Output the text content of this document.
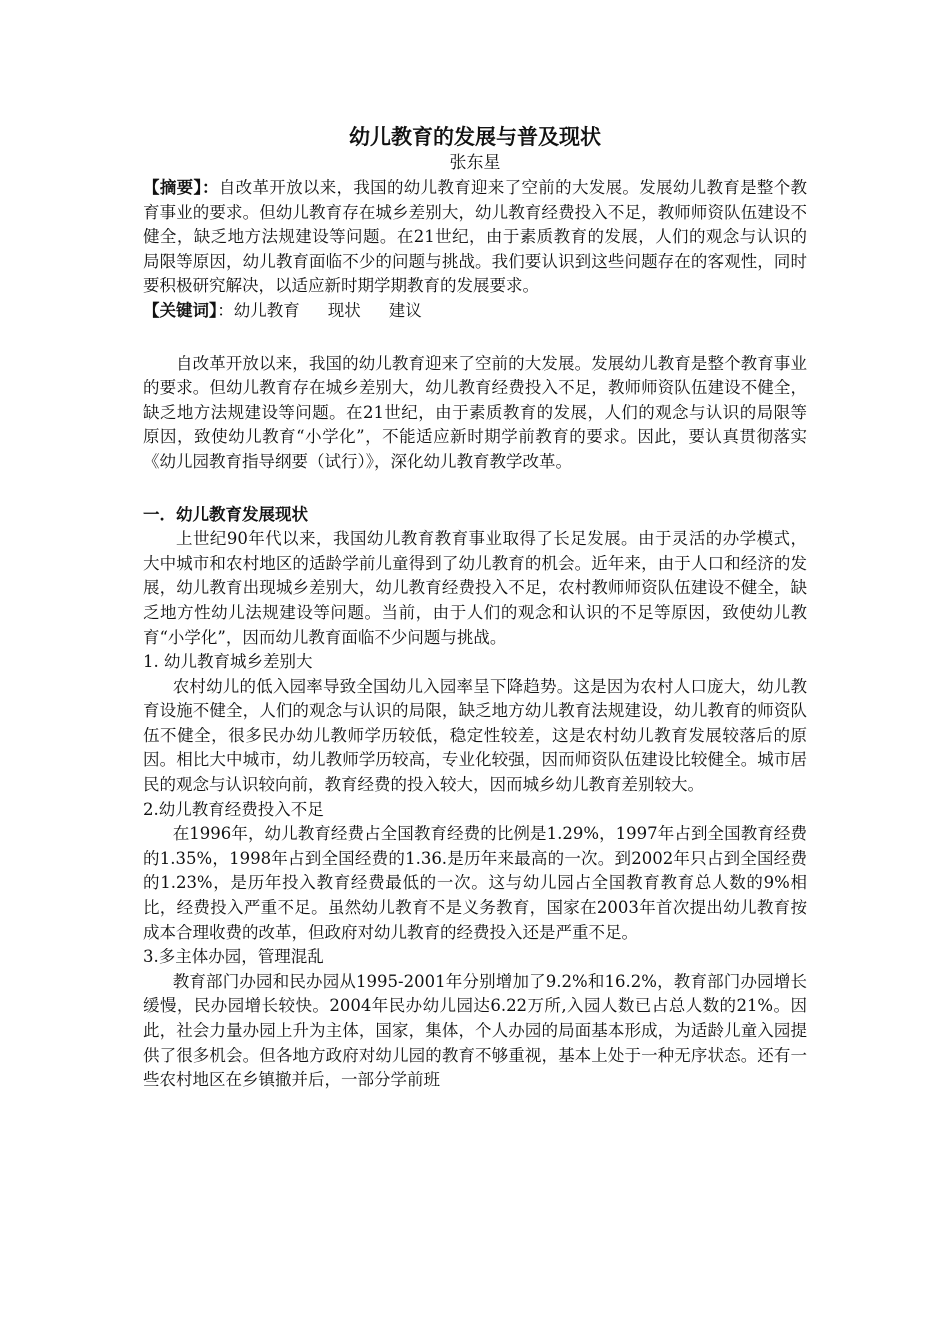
幼儿教育的发展与普及现状
张东星

【摘要】：自改革开放以来，我国的幼儿教育迎来了空前的大发展。发展幼儿教育是整个教育事业的要求。但幼儿教育存在城乡差别大，幼儿教育经费投入不足，教师师资队伍建设不健全，缺乏地方法规建设等问题。在21世纪，由于素质教育的发展，人们的观念与认识的局限等原因，幼儿教育面临不少的问题与挑战。我们要认识到这些问题存在的客观性，同时要积极研究解决，以适应新时期学期教育的发展要求。

【关键词】：幼儿教育 现状 建议

自改革开放以来，我国的幼儿教育迎来了空前的大发展。发展幼儿教育是整个教育事业的要求。但幼儿教育存在城乡差别大，幼儿教育经费投入不足，教师师资队伍建设不健全，缺乏地方法规建设等问题。在21世纪，由于素质教育的发展，人们的观念与认识的局限等原因，致使幼儿教育“小学化”，不能适应新时期学前教育的要求。因此，要认真贯彻落实《幼儿园教育指导纲要（试行）》，深化幼儿教育教学改革。

一．幼儿教育发展现状

上世纪90年代以来，我国幼儿教育教育事业取得了长足发展。由于灵活的办学模式，大中城市和农村地区的适龄学前儿童得到了幼儿教育的机会。近年来，由于人口和经济的发展，幼儿教育出现城乡差别大，幼儿教育经费投入不足，农村教师师资队伍建设不健全，缺乏地方性幼儿法规建设等问题。当前，由于人们的观念和认识的不足等原因，致使幼儿教育“小学化”，因而幼儿教育面临不少问题与挑战。

1. 幼儿教育城乡差别大

农村幼儿的低入园率导致全国幼儿入园率呈下降趋势。这是因为农村人口庞大，幼儿教育设施不健全，人们的观念与认识的局限，缺乏地方幼儿教育法规建设，幼儿教育的师资队伍不健全，很多民办幼儿教师学历较低，稳定性较差，这是农村幼儿教育发展较落后的原因。相比大中城市，幼儿教师学历较高，专业化较强，因而师资队伍建设比较健全。城市居民的观念与认识较向前，教育经费的投入较大，因而城乡幼儿教育差别较大。

2.幼儿教育经费投入不足

在1996年，幼儿教育经费占全国教育经费的比例是1.29%，1997年占到全国教育经费的1.35%，1998年占到全国经费的1.36.是历年来最高的一次。到2002年只占到全国经费的1.23%，是历年投入教育经费最低的一次。这与幼儿园占全国教育教育总人数的9%相比，经费投入严重不足。虽然幼儿教育不是义务教育，国家在2003年首次提出幼儿教育按成本合理收费的改革，但政府对幼儿教育的经费投入还是严重不足。

3.多主体办园，管理混乱

教育部门办园和民办园从1995-2001年分别增加了9.2%和16.2%，教育部门办园增长缓慢，民办园增长较快。2004年民办幼儿园达6.22万所,入园人数已占总人数的21%。因此，社会力量办园上升为主体，国家，集体，个人办园的局面基本形成，为适龄儿童入园提供了很多机会。但各地方政府对幼儿园的教育不够重视，基本上处于一种无序状态。还有一些农村地区在乡镇撤并后，一部分学前班
